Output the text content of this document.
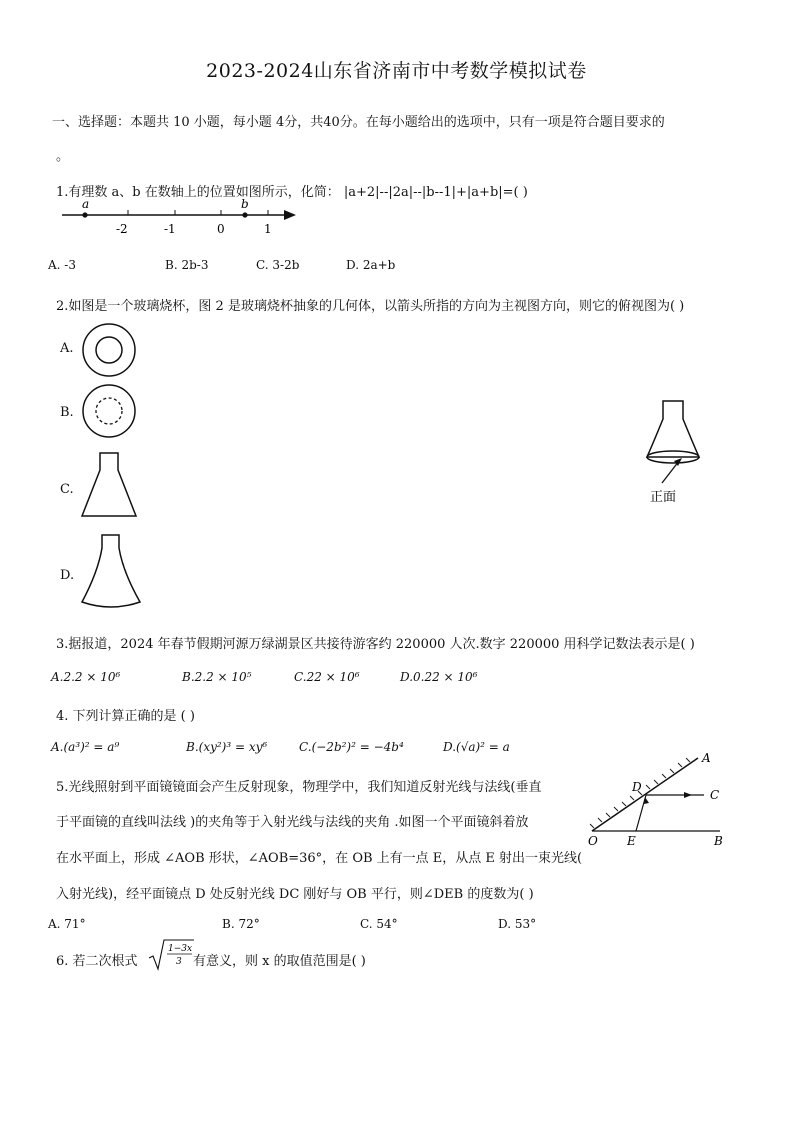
2023-2024山东省济南市中考数学模拟试卷
一、选择题：本题共 10 小题，每小题 4分，共40分。在每小题给出的选项中，只有一项是符合题目要求的
。
1.有理数 a、b 在数轴上的位置如图所示，化简： |a+2|--|2a|--|b--1|+|a+b|=( )
a	b
-2	-1	0	1
A. -3	B. 2b-3	C. 3-2b	D. 2a+b
2.如图是一个玻璃烧杯，图 2 是玻璃烧杯抽象的几何体，以箭头所指的方向为主视图方向，则它的俯视图为( )
A.
B.
C.
D.
正面
3.据报道，2024 年春节假期河源万绿湖景区共接待游客约 220000 人次.数字 220000 用科学记数法表示是( )
A.2.2 × 10⁶	B.2.2 × 10⁵	C.22 × 10⁶	D.0.22 × 10⁶
4. 下列计算正确的是 ( )
A.(a³)² = a⁹	B.(xy²)³ = xy⁶	C.(−2b²)² = −4b⁴	D.(√a)² = a
5.光线照射到平面镜镜面会产生反射现象，物理学中，我们知道反射光线与法线(垂直
于平面镜的直线叫法线 )的夹角等于入射光线与法线的夹角 .如图一个平面镜斜着放
在水平面上，形成 ∠AOB 形状，∠AOB=36°，在 OB 上有一点 E，从点 E 射出一束光线(
入射光线)，经平面镜点 D 处反射光线 DC 刚好与 OB 平行，则∠DEB 的度数为( )
A
D
C
O E	B
A. 71°	B. 72°	C. 54°	D. 53°
6. 若二次根式
1−3x
3 有意义，则 x 的取值范围是( )
